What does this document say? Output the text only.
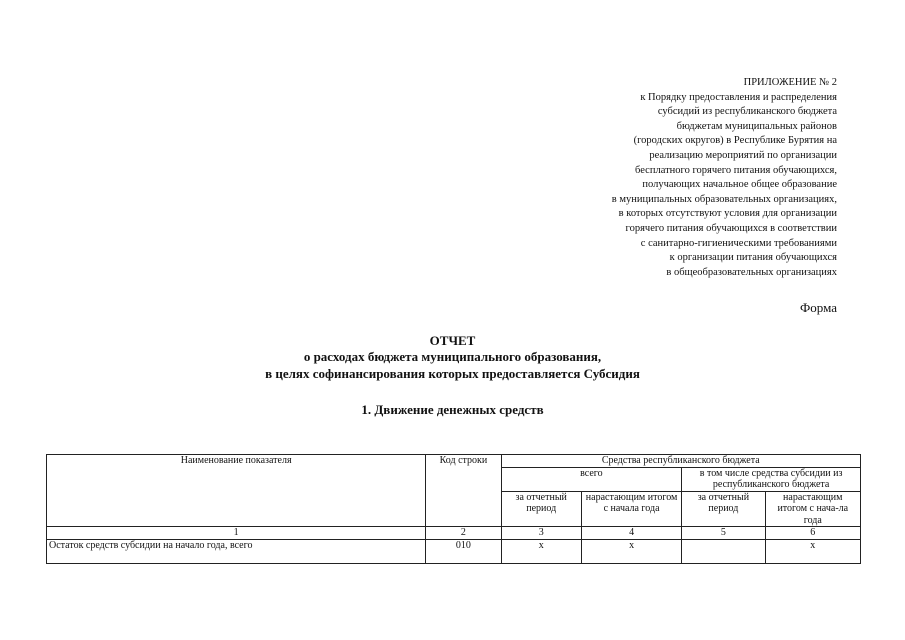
ПРИЛОЖЕНИЕ № 2
к Порядку предоставления и распределения
субсидий из республиканского бюджета
бюджетам муниципальных районов
(городских округов) в Республике Бурятия на
реализацию мероприятий по организации
бесплатного горячего питания обучающихся,
получающих начальное общее образование
в муниципальных образовательных организациях,
в которых отсутствуют условия для организации
горячего питания обучающихся в соответствии
с санитарно-гигиеническими требованиями
к организации питания обучающихся
в общеобразовательных организациях
Форма
ОТЧЕТ
о расходах бюджета муниципального образования,
в целях софинансирования которых предоставляется Субсидия
1. Движение денежных средств
Наименование показателя	Код строки	Средства республиканского бюджета			
		всего		в том числе средства субсидии из республиканского бюджета	
		за отчетный период	нарастающим итогом с начала года	за отчетный период	нарастающим итогом с нача-ла года
1	2	3	4	5	6
Остаток средств субсидии на начало года, всего	010	х	х		х
